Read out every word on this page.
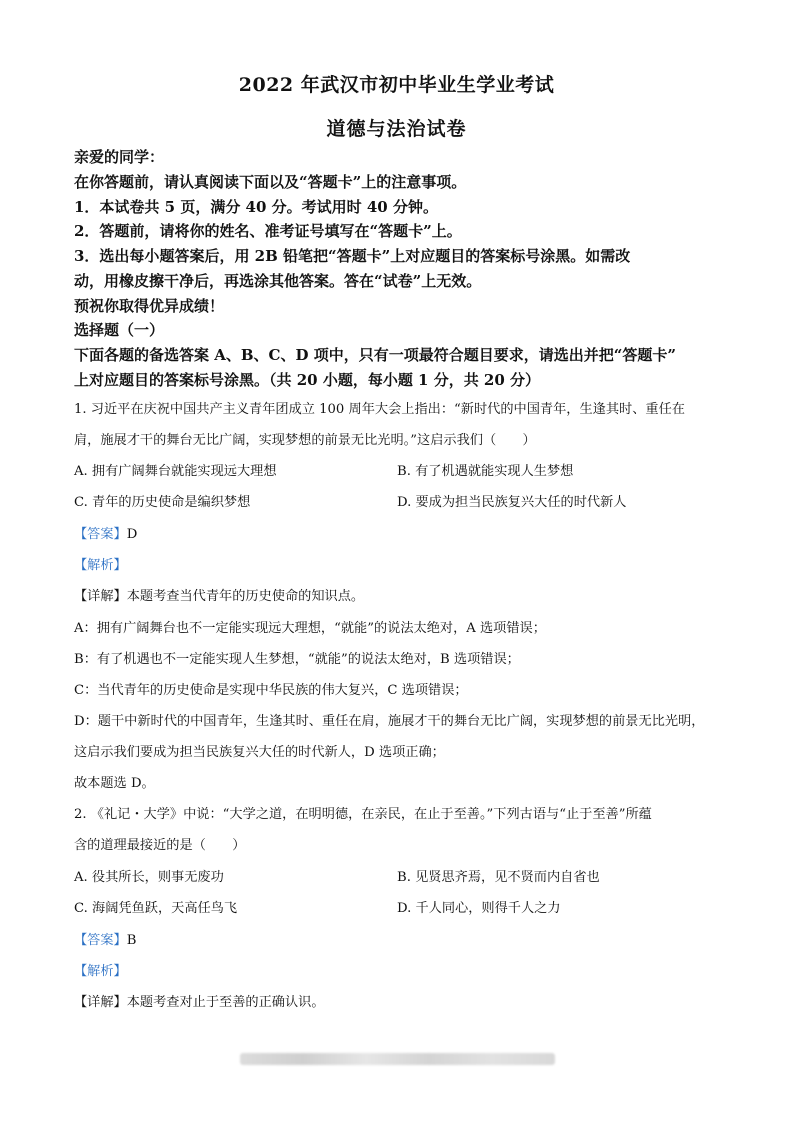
2022 年武汉市初中毕业生学业考试
道德与法治试卷
亲爱的同学：
在你答题前，请认真阅读下面以及“答题卡”上的注意事项。
1．本试卷共 5 页，满分 40 分。考试用时 40 分钟。
2．答题前，请将你的姓名、准考证号填写在“答题卡”上。
3．选出每小题答案后，用 2B 铅笔把“答题卡”上对应题目的答案标号涂黑。如需改
动，用橡皮擦干净后，再选涂其他答案。答在“试卷”上无效。
预祝你取得优异成绩！
选择题（一）
下面各题的备选答案 A、B、C、D 项中，只有一项最符合题目要求，请选出并把“答题卡”
上对应题目的答案标号涂黑。（共 20 小题，每小题 1 分，共 20 分）
1. 习近平在庆祝中国共产主义青年团成立 100 周年大会上指出：“新时代的中国青年，生逢其时、重任在
肩，施展才干的舞台无比广阔，实现梦想的前景无比光明。”这启示我们（　　）
A. 拥有广阔舞台就能实现远大理想	B. 有了机遇就能实现人生梦想
C. 青年的历史使命是编织梦想	D. 要成为担当民族复兴大任的时代新人
【答案】D
【解析】
【详解】本题考查当代青年的历史使命的知识点。
A：拥有广阔舞台也不一定能实现远大理想，“就能”的说法太绝对，A 选项错误；
B：有了机遇也不一定能实现人生梦想，“就能”的说法太绝对，B 选项错误；
C：当代青年的历史使命是实现中华民族的伟大复兴，C 选项错误；
D：题干中新时代的中国青年，生逢其时、重任在肩，施展才干的舞台无比广阔，实现梦想的前景无比光明，
这启示我们要成为担当民族复兴大任的时代新人，D 选项正确；
故本题选 D。
2. 《礼记・大学》中说：“大学之道，在明明德，在亲民，在止于至善。”下列古语与“止于至善”所蕴
含的道理最接近的是（　　）
A. 役其所长，则事无废功	B. 见贤思齐焉，见不贤而内自省也
C. 海阔凭鱼跃，天高任鸟飞	D. 千人同心，则得千人之力
【答案】B
【解析】
【详解】本题考查对止于至善的正确认识。
